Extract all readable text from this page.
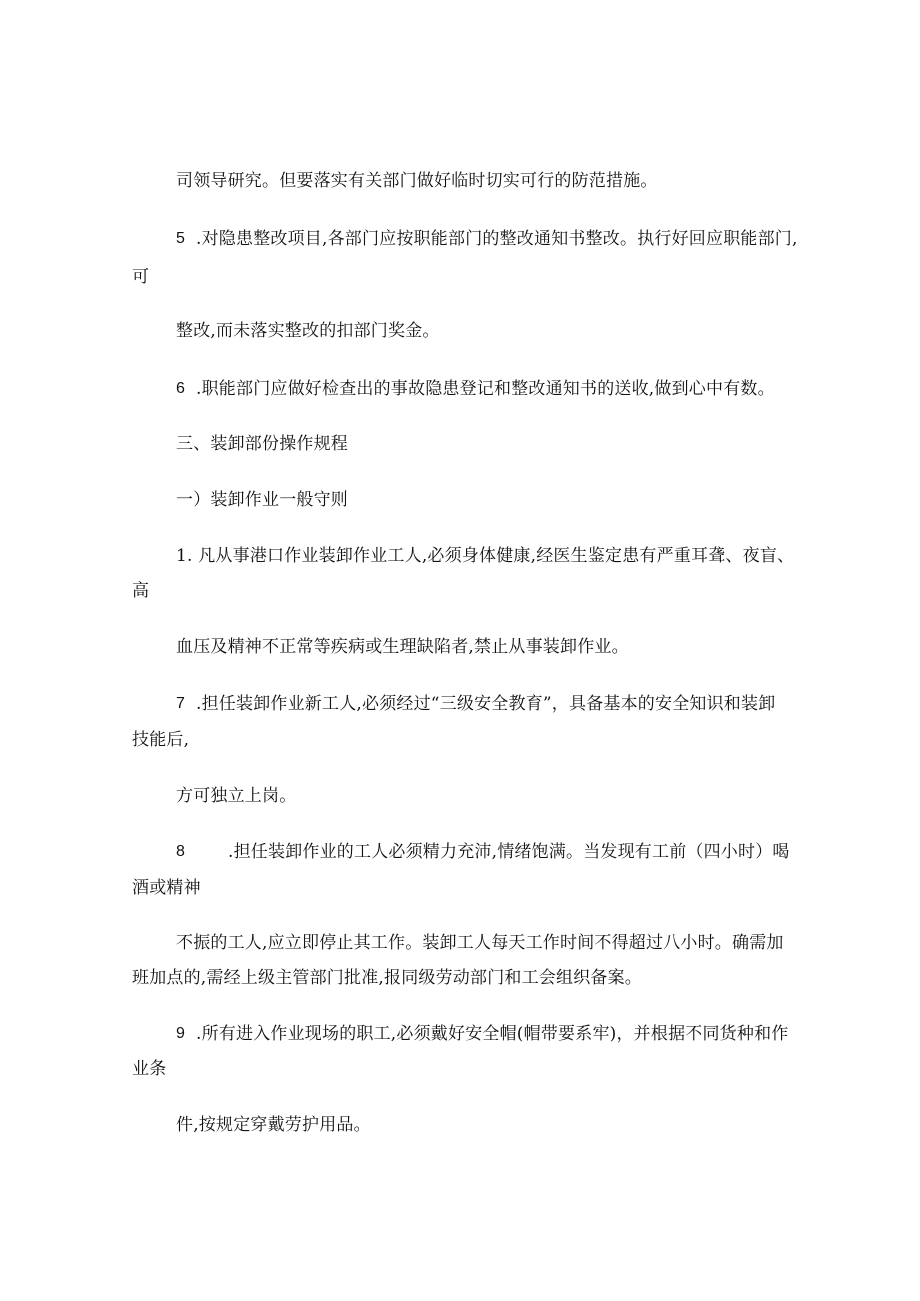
司领导研究。但要落实有关部门做好临时切实可行的防范措施。
5 .对隐患整改项目,各部门应按职能部门的整改通知书整改。执行好回应职能部门,
可
整改,而未落实整改的扣部门奖金。
6 .职能部门应做好检查出的事故隐患登记和整改通知书的送收,做到心中有数。
三、装卸部份操作规程
一）装卸作业一般守则
1. 凡从事港口作业装卸作业工人,必须身体健康,经医生鉴定患有严重耳聋、夜盲、
高
血压及精神不正常等疾病或生理缺陷者,禁止从事装卸作业。
7 .担任装卸作业新工人,必须经过“三级安全教育”，具备基本的安全知识和装卸
技能后,
方可独立上岗。
8	.担任装卸作业的工人必须精力充沛,情绪饱满。当发现有工前（四小时）喝
酒或精神
不振的工人,应立即停止其工作。装卸工人每天工作时间不得超过八小时。确需加
班加点的,需经上级主管部门批准,报同级劳动部门和工会组织备案。
9 .所有进入作业现场的职工,必须戴好安全帽(帽带要系牢)，并根据不同货种和作
业条
件,按规定穿戴劳护用品。
